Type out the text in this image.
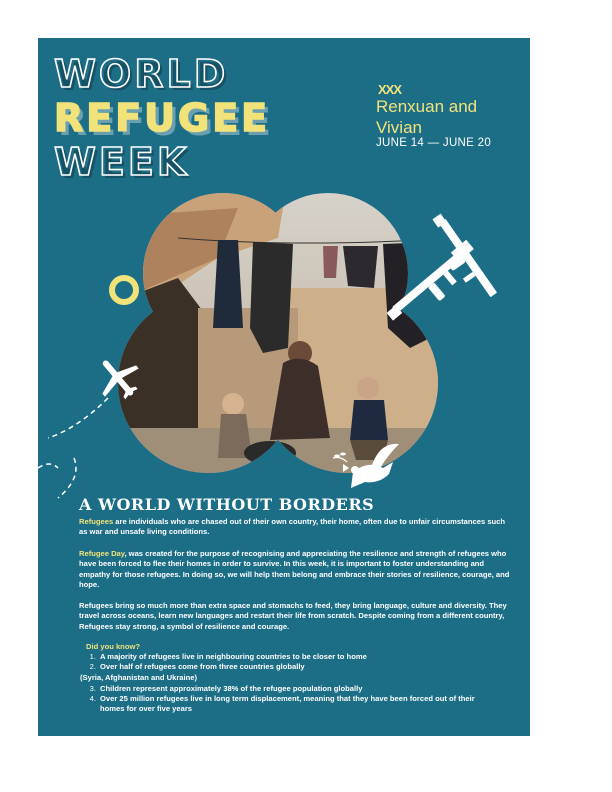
WORLD
REFUGEE
WEEK
XXX
Renxuan and Vivian
JUNE 14 — JUNE 20
A WORLD WITHOUT BORDERS
Refugees are individuals who are chased out of their own country, their home, often due to unfair circumstances such as war and unsafe living conditions.
Refugee Day, was created for the purpose of recognising and appreciating the resilience and strength of refugees who have been forced to flee their homes in order to survive. In this week, it is important to foster understanding and empathy for those refugees. In doing so, we will help them belong and embrace their stories of resilience, courage, and hope.
Refugees bring so much more than extra space and stomachs to feed, they bring language, culture and diversity. They travel across oceans, learn new languages and restart their life from scratch. Despite coming from a different country, Refugees stay strong, a symbol of resilience and courage.
Did you know?
1. A majority of refugees live in neighbouring countries to be closer to home
2. Over half of refugees come from three countries globally
(Syria, Afghanistan and Ukraine)
3. Children represent approximately 38% of the refugee population globally
4. Over 25 million refugees live in long term displacement, meaning that they have been forced out of their
homes for over five years
